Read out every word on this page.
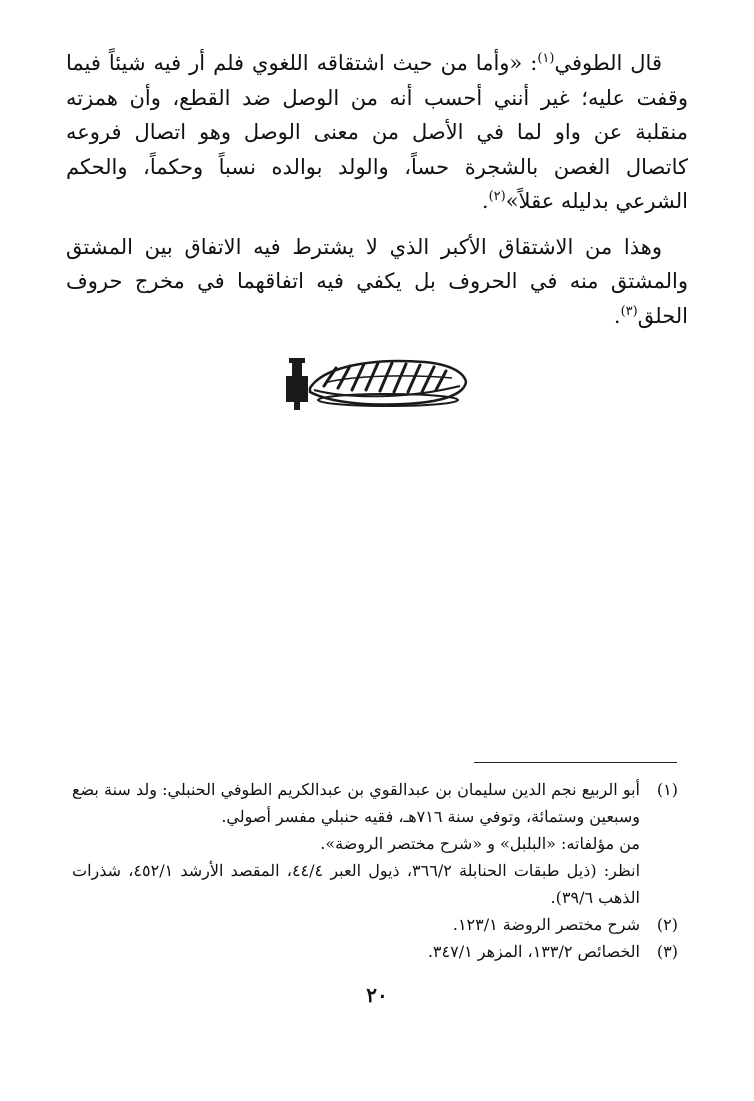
قال الطوفي$^{(١)}$: «وأما من حيث اشتقاقه اللغوي فلم أر فيه شيئاً فيما وقفت عليه؛ غير أنني أحسب أنه من الوصل ضد القطع، وأن همزته منقلبة عن واو لما في الأصل من معنى الوصل وهو اتصال فروعه كاتصال الغصن بالشجرة حساً، والولد بوالده نسباً وحكماً، والحكم الشرعي بدليله عقلاً»$^{(٢)}$.

وهذا من الاشتقاق الأكبر الذي لا يشترط فيه الاتفاق بين المشتق والمشتق منه في الحروف بل يكفي فيه اتفاقهما في مخرج حروف الحلق$^{(٣)}$.

(١)
أبو الربيع نجم الدين سليمان بن عبدالقوي بن عبدالكريم الطوفي الحنبلي: ولد سنة بضع وسبعين وستمائة، وتوفي سنة ٧١٦هـ، فقيه حنبلي مفسر أصولي.
من مؤلفاته: «البلبل» و «شرح مختصر الروضة».
انظر: (ذيل طبقات الحنابلة ٣٦٦/٢، ذيول العبر ٤٤/٤، المقصد الأرشد ٤٥٢/١، شذرات الذهب ٣٩/٦).
(٢)
شرح مختصر الروضة ١٢٣/١.
(٣)
الخصائص ١٣٣/٢، المزهر ٣٤٧/١.
٢٠
